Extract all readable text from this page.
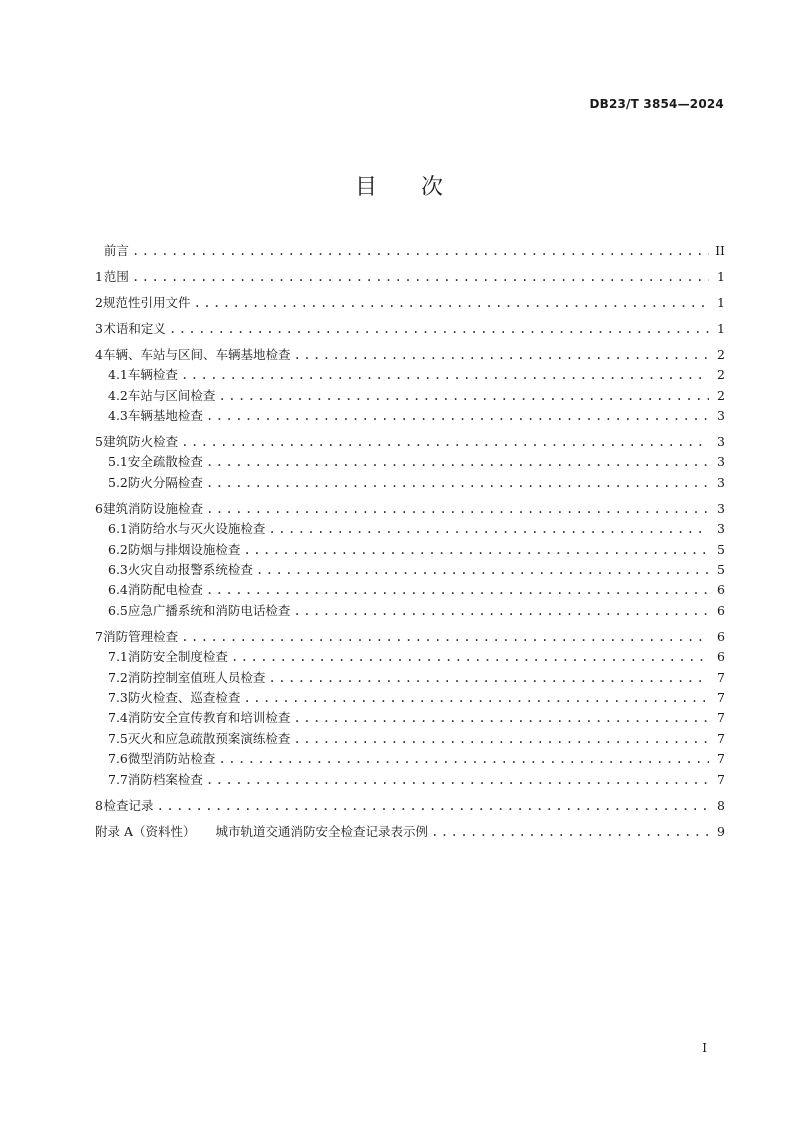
DB23/T 3854—2024
目 次
前言 .....	II
1 范围 .....	1
2 规范性引用文件 .....	1
3 术语和定义 .....	1
4 车辆、车站与区间、车辆基地检查 .....	2
4.1 车辆检查 .....	2
4.2 车站与区间检查 .....	2
4.3 车辆基地检查 .....	3
5 建筑防火检查 .....	3
5.1 安全疏散检查 .....	3
5.2 防火分隔检查 .....	3
6 建筑消防设施检查 .....	3
6.1 消防给水与灭火设施检查 .....	3
6.2 防烟与排烟设施检查 .....	5
6.3 火灾自动报警系统检查 .....	5
6.4 消防配电检查 .....	6
6.5 应急广播系统和消防电话检查 .....	6
7 消防管理检查 .....	6
7.1 消防安全制度检查 .....	6
7.2 消防控制室值班人员检查 .....	7
7.3 防火检查、巡查检查 .....	7
7.4 消防安全宣传教育和培训检查 .....	7
7.5 灭火和应急疏散预案演练检查 .....	7
7.6 微型消防站检查 .....	7
7.7 消防档案检查 .....	7
8 检查记录 .....	8
附录 A（资料性） 城市轨道交通消防安全检查记录表示例 .....	9
I
